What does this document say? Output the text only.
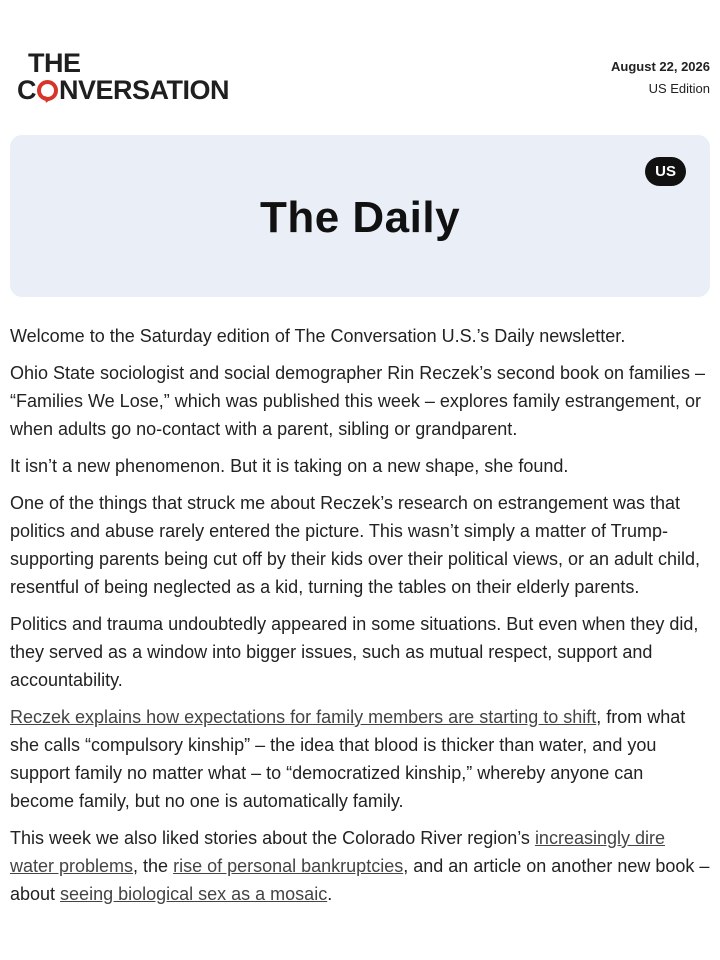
THE
C NVERSATION
August 22, 2026
US Edition
US
The Daily

Welcome to the Saturday edition of The Conversation U.S.’s Daily newsletter.

Ohio State sociologist and social demographer Rin Reczek’s second book on families – “Families We Lose,” which was published this week – explores family estrangement, or when adults go no-contact with a parent, sibling or grandparent.

It isn’t a new phenomenon. But it is taking on a new shape, she found.

One of the things that struck me about Reczek’s research on estrangement was that politics and abuse rarely entered the picture. This wasn’t simply a matter of Trump-supporting parents being cut off by their kids over their political views, or an adult child, resentful of being neglected as a kid, turning the tables on their elderly parents.

Politics and trauma undoubtedly appeared in some situations. But even when they did, they served as a window into bigger issues, such as mutual respect, support and accountability.

Reczek explains how expectations for family members are starting to shift, from what she calls “compulsory kinship” – the idea that blood is thicker than water, and you support family no matter what – to “democratized kinship,” whereby anyone can become family, but no one is automatically family.

This week we also liked stories about the Colorado River region’s increasingly dire water problems, the rise of personal bankruptcies, and an article on another new book – about seeing biological sex as a mosaic.
